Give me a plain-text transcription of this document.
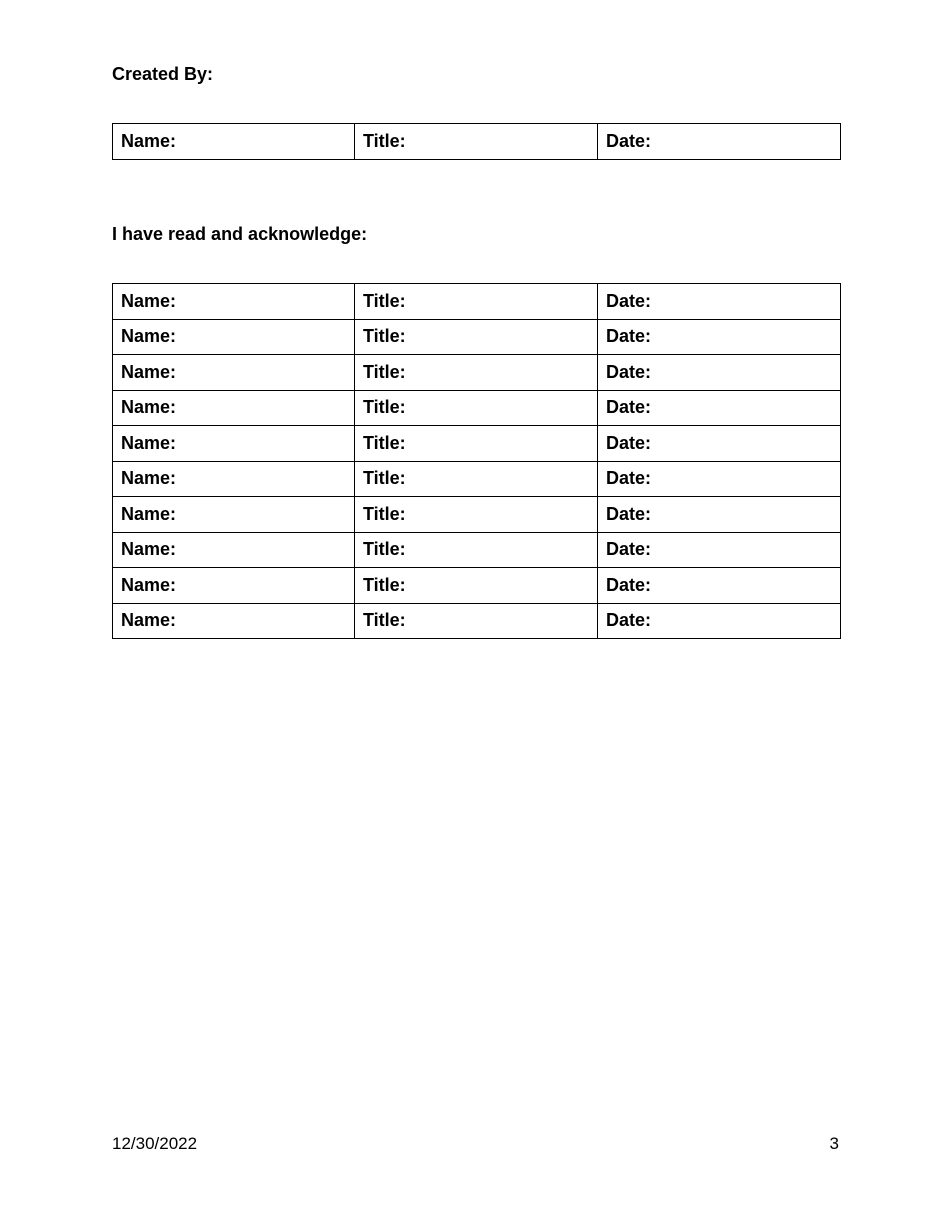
Created By:
Name:	Title:	Date:
I have read and acknowledge:
Name:	Title:	Date:
Name:	Title:	Date:
Name:	Title:	Date:
Name:	Title:	Date:
Name:	Title:	Date:
Name:	Title:	Date:
Name:	Title:	Date:
Name:	Title:	Date:
Name:	Title:	Date:
Name:	Title:	Date:
12/30/2022	3
